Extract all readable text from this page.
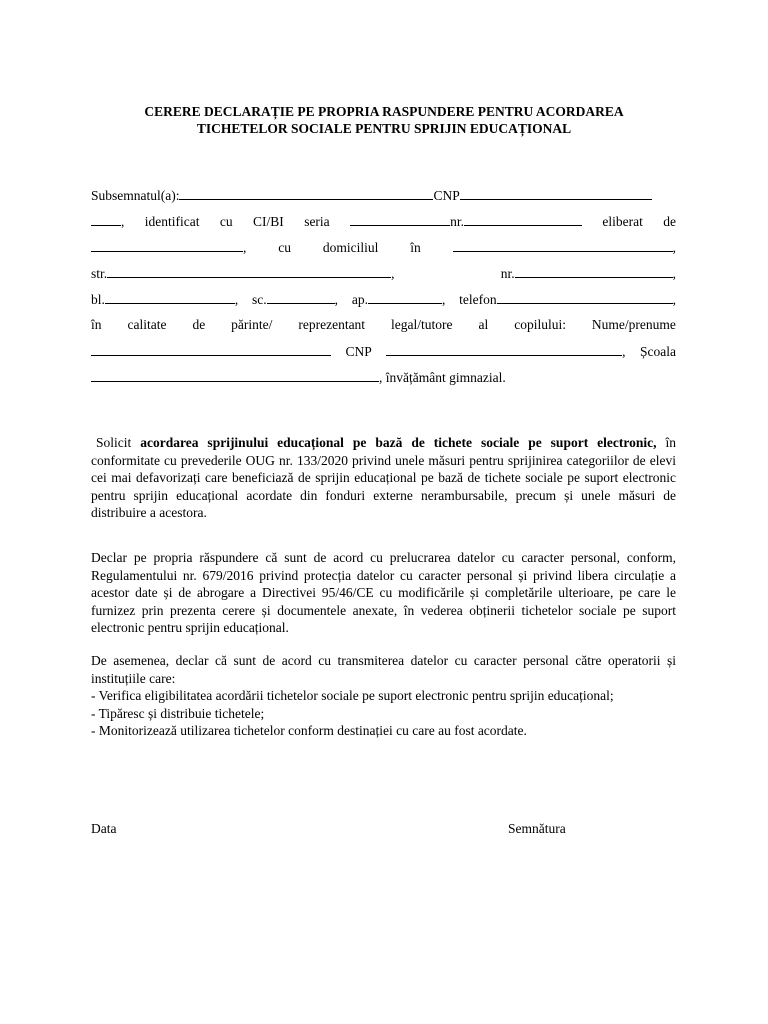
CERERE DECLARAȚIE PE PROPRIA RASPUNDERE PENTRU ACORDAREA
TICHETELOR SOCIALE PENTRU SPRIJIN EDUCAȚIONAL
Subsemnatul(a):	CNP
, identificat cu CI/BI seria	nr.	eliberat de
, cu domiciliul în	,
str.	,	nr.	,
bl.	, sc.	, ap.	, telefon	,
în calitate de părinte/ reprezentant legal/tutore al copilului: Nume/prenume
CNP	, Școala
, învățământ gimnazial.

Solicit acordarea sprijinului educațional pe bază de tichete sociale pe suport electronic, în conformitate cu prevederile OUG nr. 133/2020 privind unele măsuri pentru sprijinirea categoriilor de elevi cei mai defavorizați care beneficiază de sprijin educațional pe bază de tichete sociale pe suport electronic pentru sprijin educațional acordate din fonduri externe nerambursabile, precum și unele măsuri de distribuire a acestora.

Declar pe propria răspundere că sunt de acord cu prelucrarea datelor cu caracter personal, conform, Regulamentului nr. 679/2016 privind protecția datelor cu caracter personal și privind libera circulație a acestor date și de abrogare a Directivei 95/46/CE cu modificările și completările ulterioare, pe care le furnizez prin prezenta cerere și documentele anexate, în vederea obținerii tichetelor sociale pe suport electronic pentru sprijin educațional.

De asemenea, declar că sunt de acord cu transmiterea datelor cu caracter personal către operatorii și instituțiile care:
- Verifica eligibilitatea acordării tichetelor sociale pe suport electronic pentru sprijin educațional;
- Tipăresc și distribuie tichetele;
- Monitorizează utilizarea tichetelor conform destinației cu care au fost acordate.
Data	Semnătura
